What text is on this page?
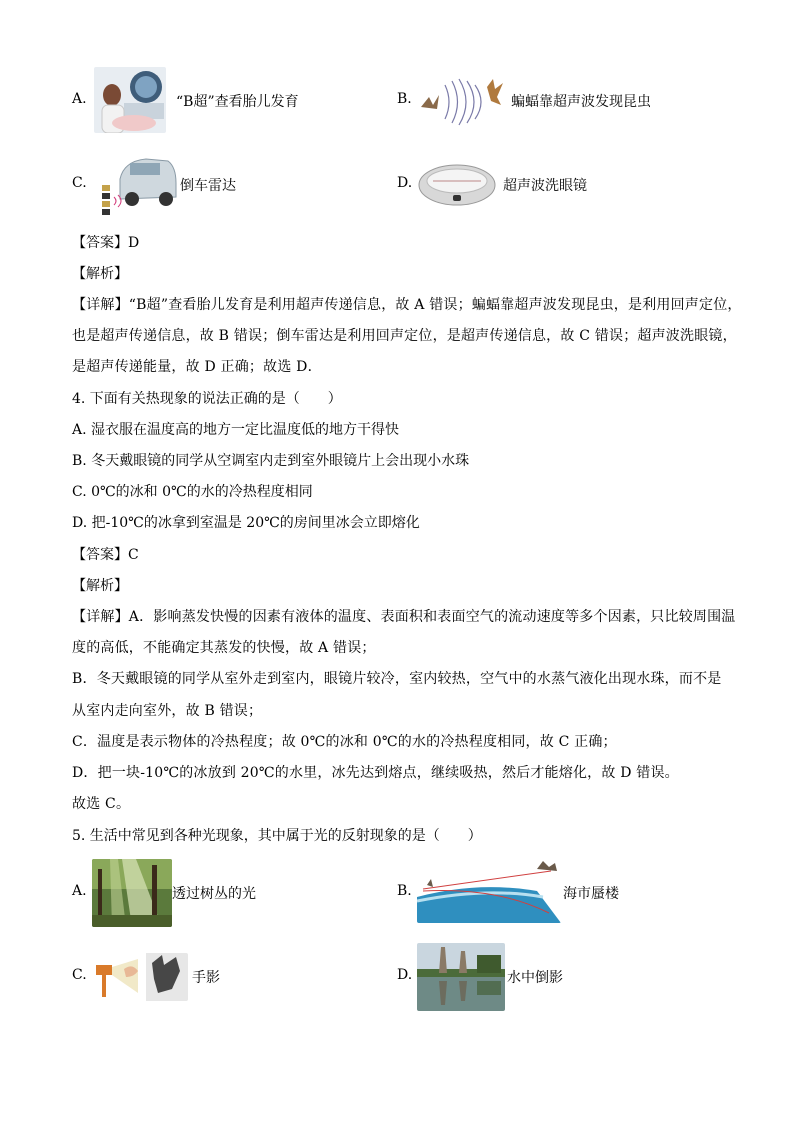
A.	“B超”查看胎儿发育	B.	蝙蝠靠超声波发现昆虫
C.	倒车雷达	D.	超声波洗眼镜
【答案】D
【解析】
【详解】“B超”查看胎儿发育是利用超声传递信息，故 A 错误；蝙蝠靠超声波发现昆虫，是利用回声定位，
也是超声传递信息，故 B 错误；倒车雷达是利用回声定位，是超声传递信息，故 C 错误；超声波洗眼镜，
是超声传递能量，故 D 正确；故选 D．
4. 下面有关热现象的说法正确的是（　　）
A. 湿衣服在温度高的地方一定比温度低的地方干得快
B. 冬天戴眼镜的同学从空调室内走到室外眼镜片上会出现小水珠
C. 0℃的冰和 0℃的水的冷热程度相同
D. 把-10℃的冰拿到室温是 20℃的房间里冰会立即熔化
【答案】C
【解析】
【详解】A．影响蒸发快慢的因素有液体的温度、表面积和表面空气的流动速度等多个因素，只比较周围温
度的高低，不能确定其蒸发的快慢，故 A 错误；
B．冬天戴眼镜的同学从室外走到室内，眼镜片较冷，室内较热，空气中的水蒸气液化出现水珠，而不是
从室内走向室外，故 B 错误；
C．温度是表示物体的冷热程度；故 0℃的冰和 0℃的水的冷热程度相同，故 C 正确；
D．把一块-10℃的冰放到 20℃的水里，冰先达到熔点，继续吸热，然后才能熔化，故 D 错误。
故选 C。
5. 生活中常见到各种光现象，其中属于光的反射现象的是（　　）
A.	透过树丛的光	B.	海市蜃楼
C.	手影	D.	水中倒影
